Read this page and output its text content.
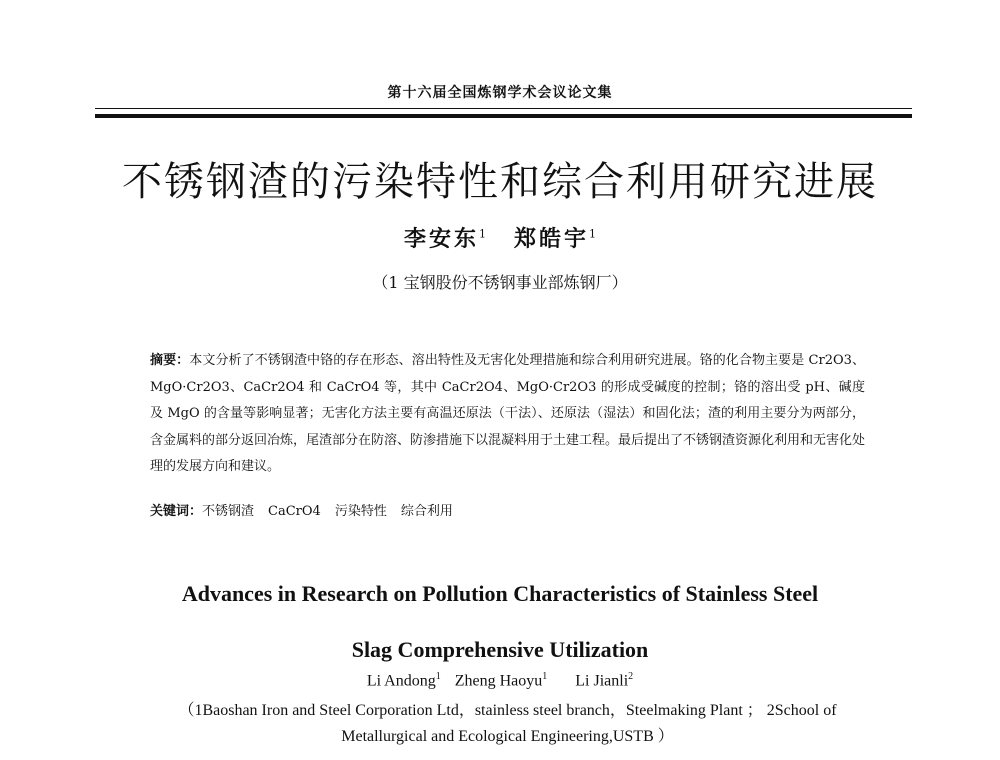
第十六届全国炼钢学术会议论文集
不锈钢渣的污染特性和综合利用研究进展
李安东$^1$ 郑皓宇$^1$
（1 宝钢股份不锈钢事业部炼钢厂）
摘要：本文分析了不锈钢渣中铬的存在形态、溶出特性及无害化处理措施和综合利用研究进展。铬的化合物主要是 Cr2O3、MgO·Cr2O3、CaCr2O4 和 CaCrO4 等，其中 CaCr2O4、MgO·Cr2O3 的形成受碱度的控制；铬的溶出受 pH、碱度及 MgO 的含量等影响显著；无害化方法主要有高温还原法（干法）、还原法（湿法）和固化法；渣的利用主要分为两部分，含金属料的部分返回冶炼，尾渣部分在防溶、防渗措施下以混凝料用于土建工程。最后提出了不锈钢渣资源化利用和无害化处理的发展方向和建议。
关键词：不锈钢渣 CaCrO4 污染特性 综合利用
Advances in Research on Pollution Characteristics of Stainless Steel
Slag Comprehensive Utilization
Li Andong$^1$ Zheng Haoyu$^1$ Li Jianli$^2$
（1Baoshan Iron and Steel Corporation Ltd，stainless steel branch，Steelmaking Plant ； 2School of Metallurgical and Ecological Engineering,USTB ）
